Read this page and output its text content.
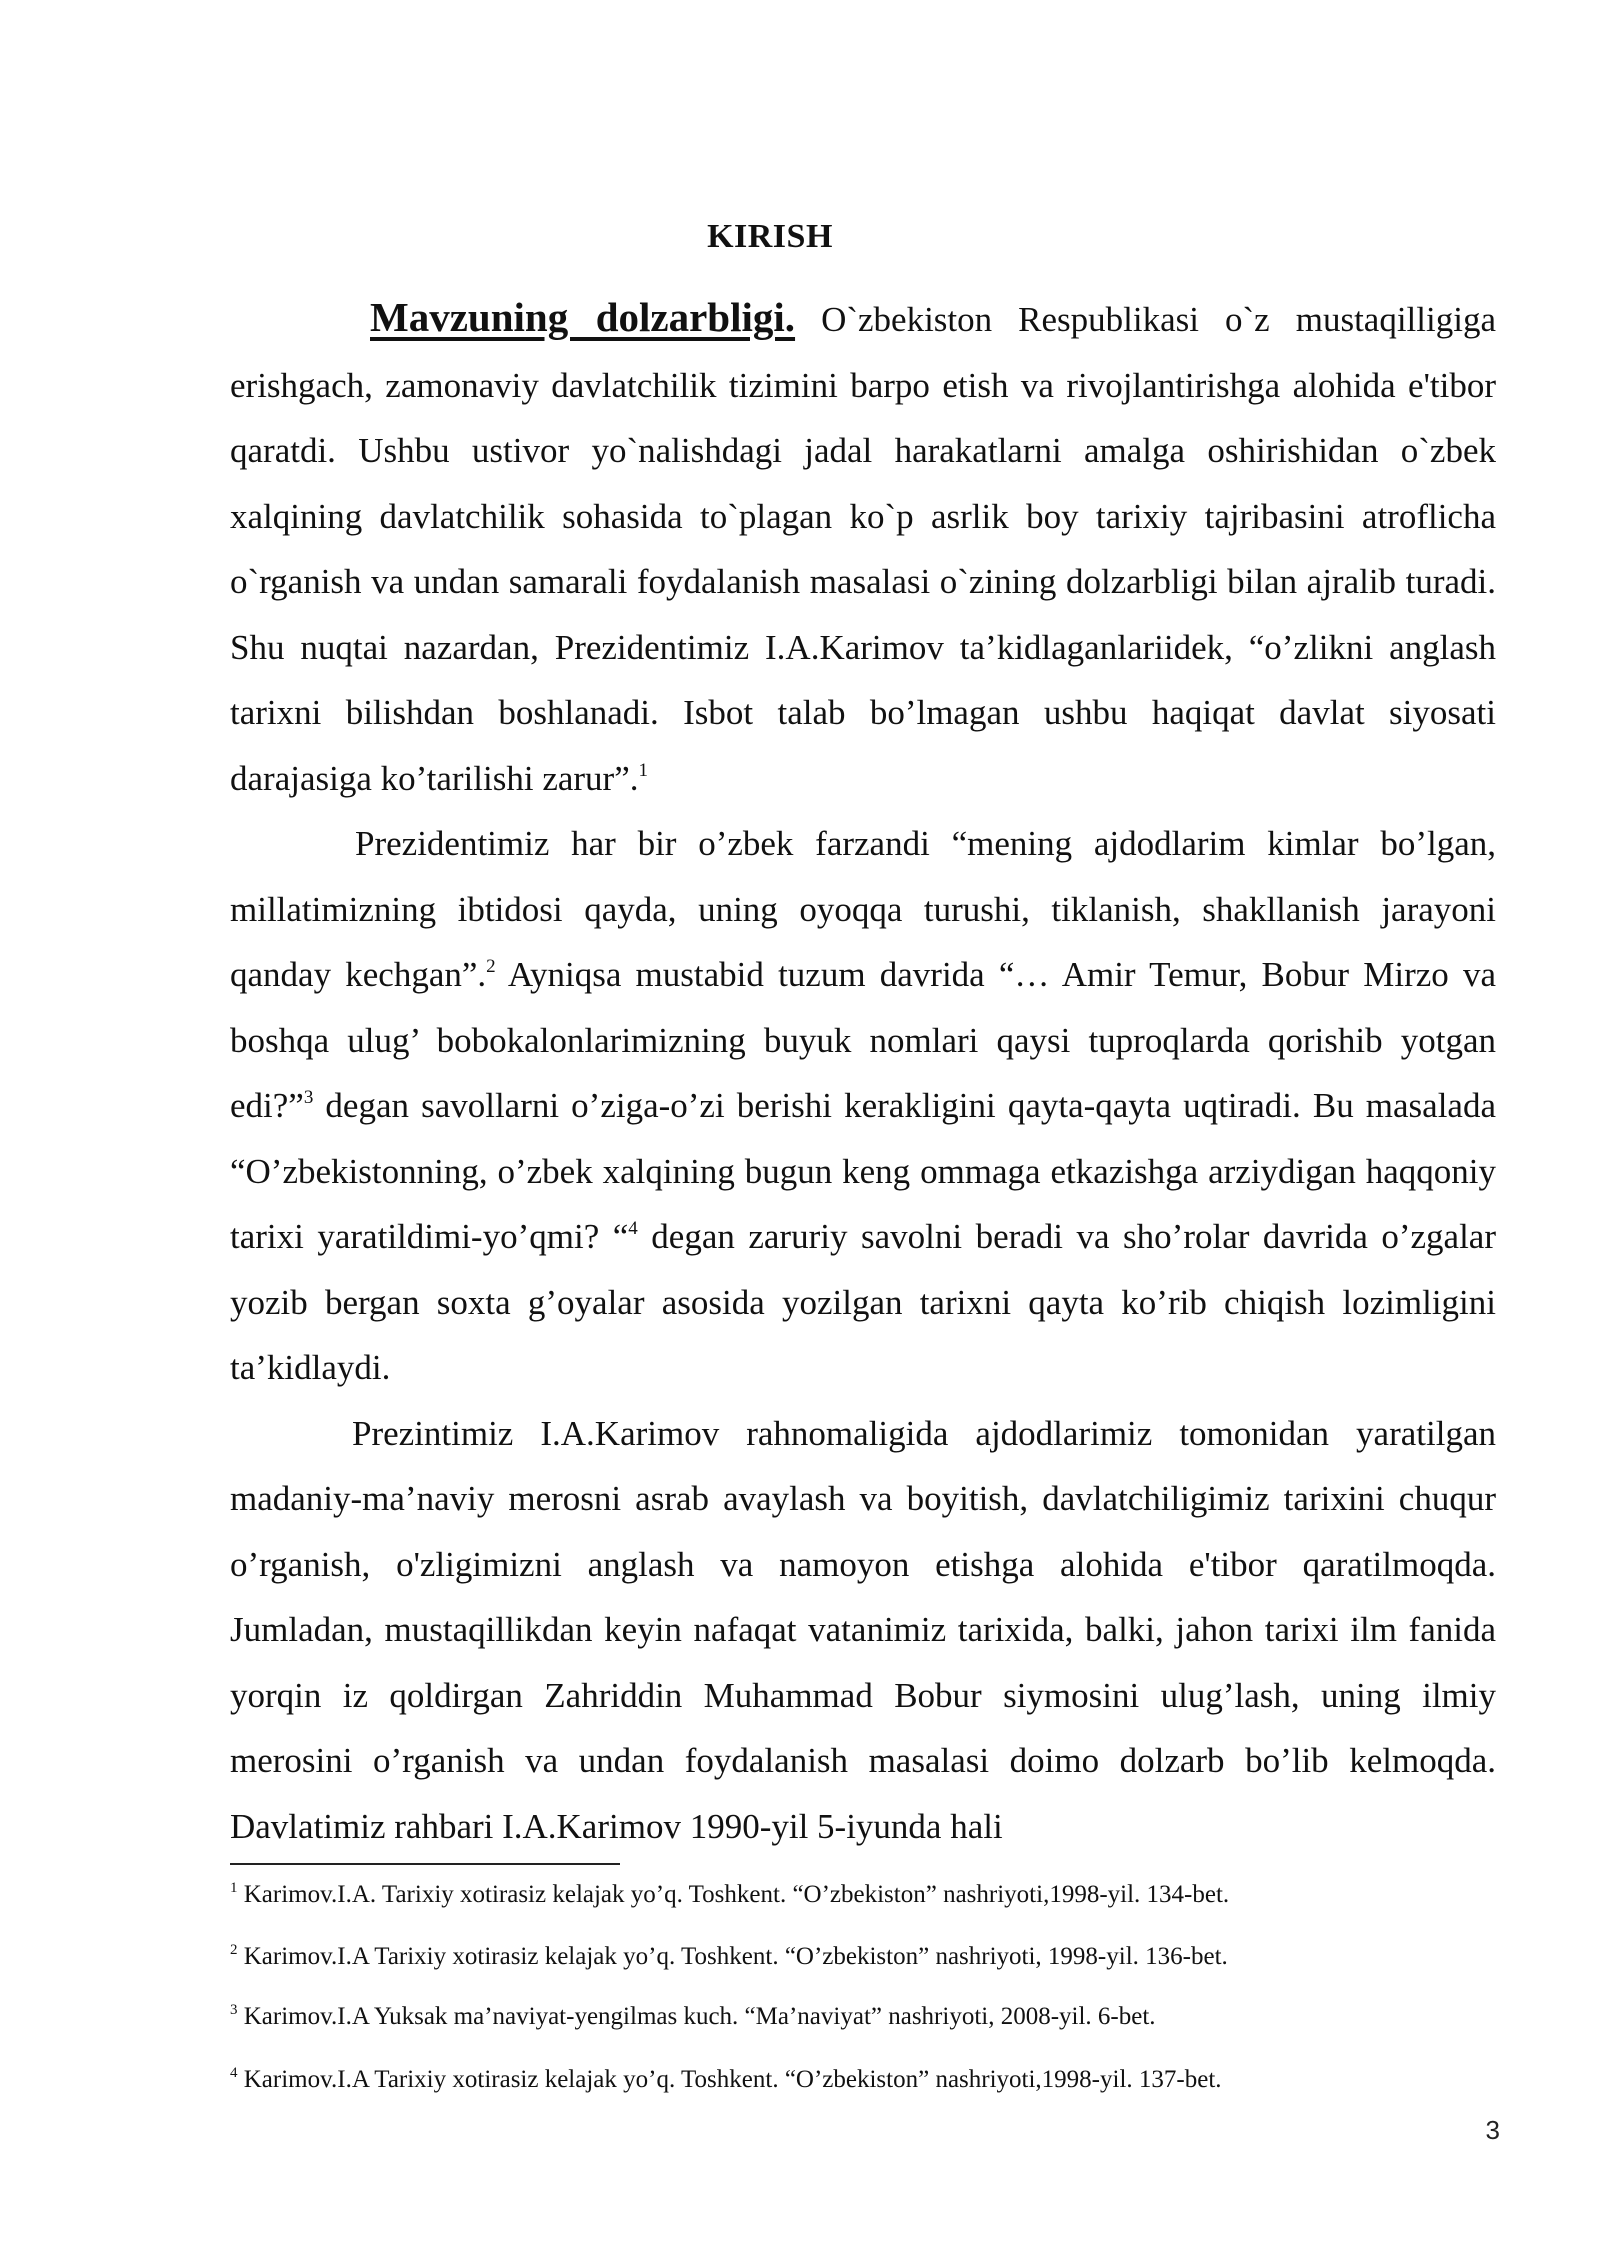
KIRISH

Mavzuning dolzarbligi. O`zbekiston Respublikasi o`z mustaqilligiga erishgach, zamonaviy davlatchilik tizimini barpo etish va rivojlantirishga alohida e'tibor qaratdi. Ushbu ustivor yo`nalishdagi jadal harakatlarni amalga oshirishidan o`zbek xalqining davlatchilik sohasida to`plagan ko`p asrlik boy tarixiy tajribasini atroflicha o`rganish va undan samarali foydalanish masalasi o`zining dolzarbligi bilan ajralib turadi. Shu nuqtai nazardan, Prezidentimiz I.A.Karimov ta’kidlaganlariidek, “o’zlikni anglash tarixni bilishdan boshlanadi. Isbot talab bo’lmagan ushbu haqiqat davlat siyosati darajasiga ko’tarilishi zarur”.$^1$

Prezidentimiz har bir o’zbek farzandi “mening ajdodlarim kimlar bo’lgan, millatimizning ibtidosi qayda, uning oyoqqa turushi, tiklanish, shakllanish jarayoni qanday kechgan”.$^2$ Ayniqsa mustabid tuzum davrida “… Amir Temur, Bobur Mirzo va boshqa ulug’ bobokalonlarimizning buyuk nomlari qaysi tuproqlarda qorishib yotgan edi?”$^3$ degan savollarni o’ziga-o’zi berishi kerakligini qayta-qayta uqtiradi. Bu masalada “O’zbekistonning, o’zbek xalqining bugun keng ommaga etkazishga arziydigan haqqoniy tarixi yaratildimi-yo’qmi? “$^4$ degan zaruriy savolni beradi va sho’rolar davrida o’zgalar yozib bergan soxta g’oyalar asosida yozilgan tarixni qayta ko’rib chiqish lozimligini ta’kidlaydi.

Prezintimiz I.A.Karimov rahnomaligida ajdodlarimiz tomonidan yaratilgan madaniy-ma’naviy merosni asrab avaylash va boyitish, davlatchiligimiz tarixini chuqur o’rganish, o'zligimizni anglash va namoyon etishga alohida e'tibor qaratilmoqda. Jumladan, mustaqillikdan keyin nafaqat vatanimiz tarixida, balki, jahon tarixi ilm fanida yorqin iz qoldirgan Zahriddin Muhammad Bobur siymosini ulug’lash, uning ilmiy merosini o’rganish va undan foydalanish masalasi doimo dolzarb bo’lib kelmoqda. Davlatimiz rahbari I.A.Karimov 1990-yil 5-iyunda hali

$^1$ Karimov.I.A. Tarixiy xotirasiz kelajak yo’q. Toshkent. “O’zbekiston” nashriyoti,1998-yil. 134-bet.
$^2$ Karimov.I.A Tarixiy xotirasiz kelajak yo’q. Toshkent. “O’zbekiston” nashriyoti, 1998-yil. 136-bet.
$^3$ Karimov.I.A Yuksak ma’naviyat-yengilmas kuch. “Ma’naviyat” nashriyoti, 2008-yil. 6-bet.
$^4$ Karimov.I.A Tarixiy xotirasiz kelajak yo’q. Toshkent. “O’zbekiston” nashriyoti,1998-yil. 137-bet.
3
